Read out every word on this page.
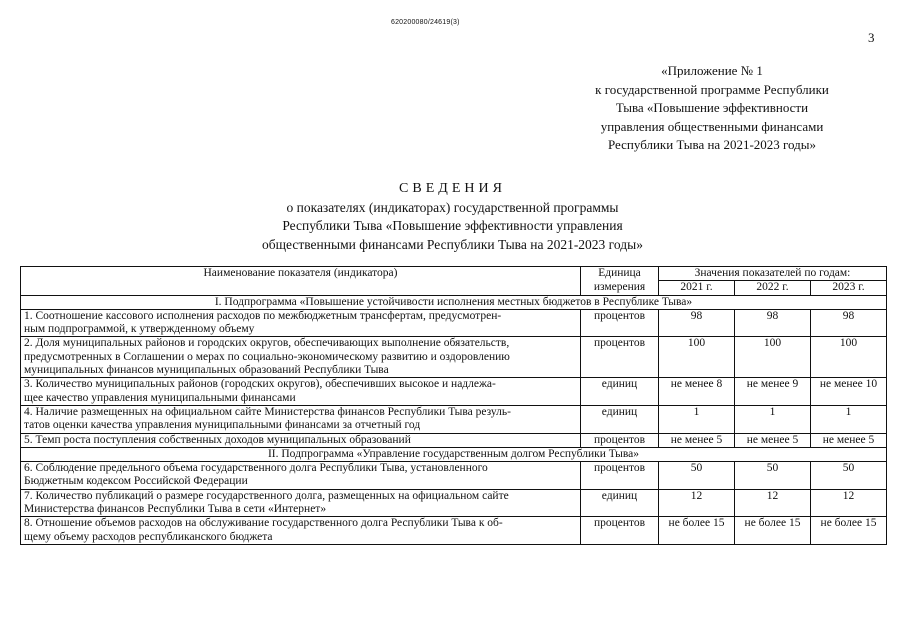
620200080/24619(3)
3
«Приложение № 1
к государственной программе Республики
Тыва «Повышение эффективности
управления общественными финансами
Республики Тыва на 2021-2023 годы»
СВЕДЕНИЯ
о показателях (индикаторах) государственной программы
Республики Тыва «Повышение эффективности управления
общественными финансами Республики Тыва на 2021-2023 годы»
Наименование показателя (индикатора)	Единица	Значения показателей по годам:		
	измерения	2021 г.	2022 г.	2023 г.
I. Подпрограмма «Повышение устойчивости исполнения местных бюджетов в Республике Тыва»				

1. Соотношение кассового исполнения расходов по межбюджетным трансфертам, предусмотрен-
ным подпрограммой, к утвержденному объему	процентов	98	98	98

2. Доля муниципальных районов и городских округов, обеспечивающих выполнение обязательств,
предусмотренных в Соглашении о мерах по социально-экономическому развитию и оздоровлению
муниципальных финансов муниципальных образований Республики Тыва	процентов	100	100	100

3. Количество муниципальных районов (городских округов), обеспечивших высокое и надлежа-
щее качество управления муниципальными финансами	единиц	не менее 8	не менее 9	не менее 10

4. Наличие размещенных на официальном сайте Министерства финансов Республики Тыва резуль-
татов оценки качества управления муниципальными финансами за отчетный год	единиц	1	1	1

5. Темп роста поступления собственных доходов муниципальных образований	процентов	не менее 5	не менее 5	не менее 5
II. Подпрограмма «Управление государственным долгом Республики Тыва»				

6. Соблюдение предельного объема государственного долга Республики Тыва, установленного
Бюджетным кодексом Российской Федерации	процентов	50	50	50

7. Количество публикаций о размере государственного долга, размещенных на официальном сайте
Министерства финансов Республики Тыва в сети «Интернет»	единиц	12	12	12

8. Отношение объемов расходов на обслуживание государственного долга Республики Тыва к об-
щему объему расходов республиканского бюджета	процентов	не более 15	не более 15	не более 15
